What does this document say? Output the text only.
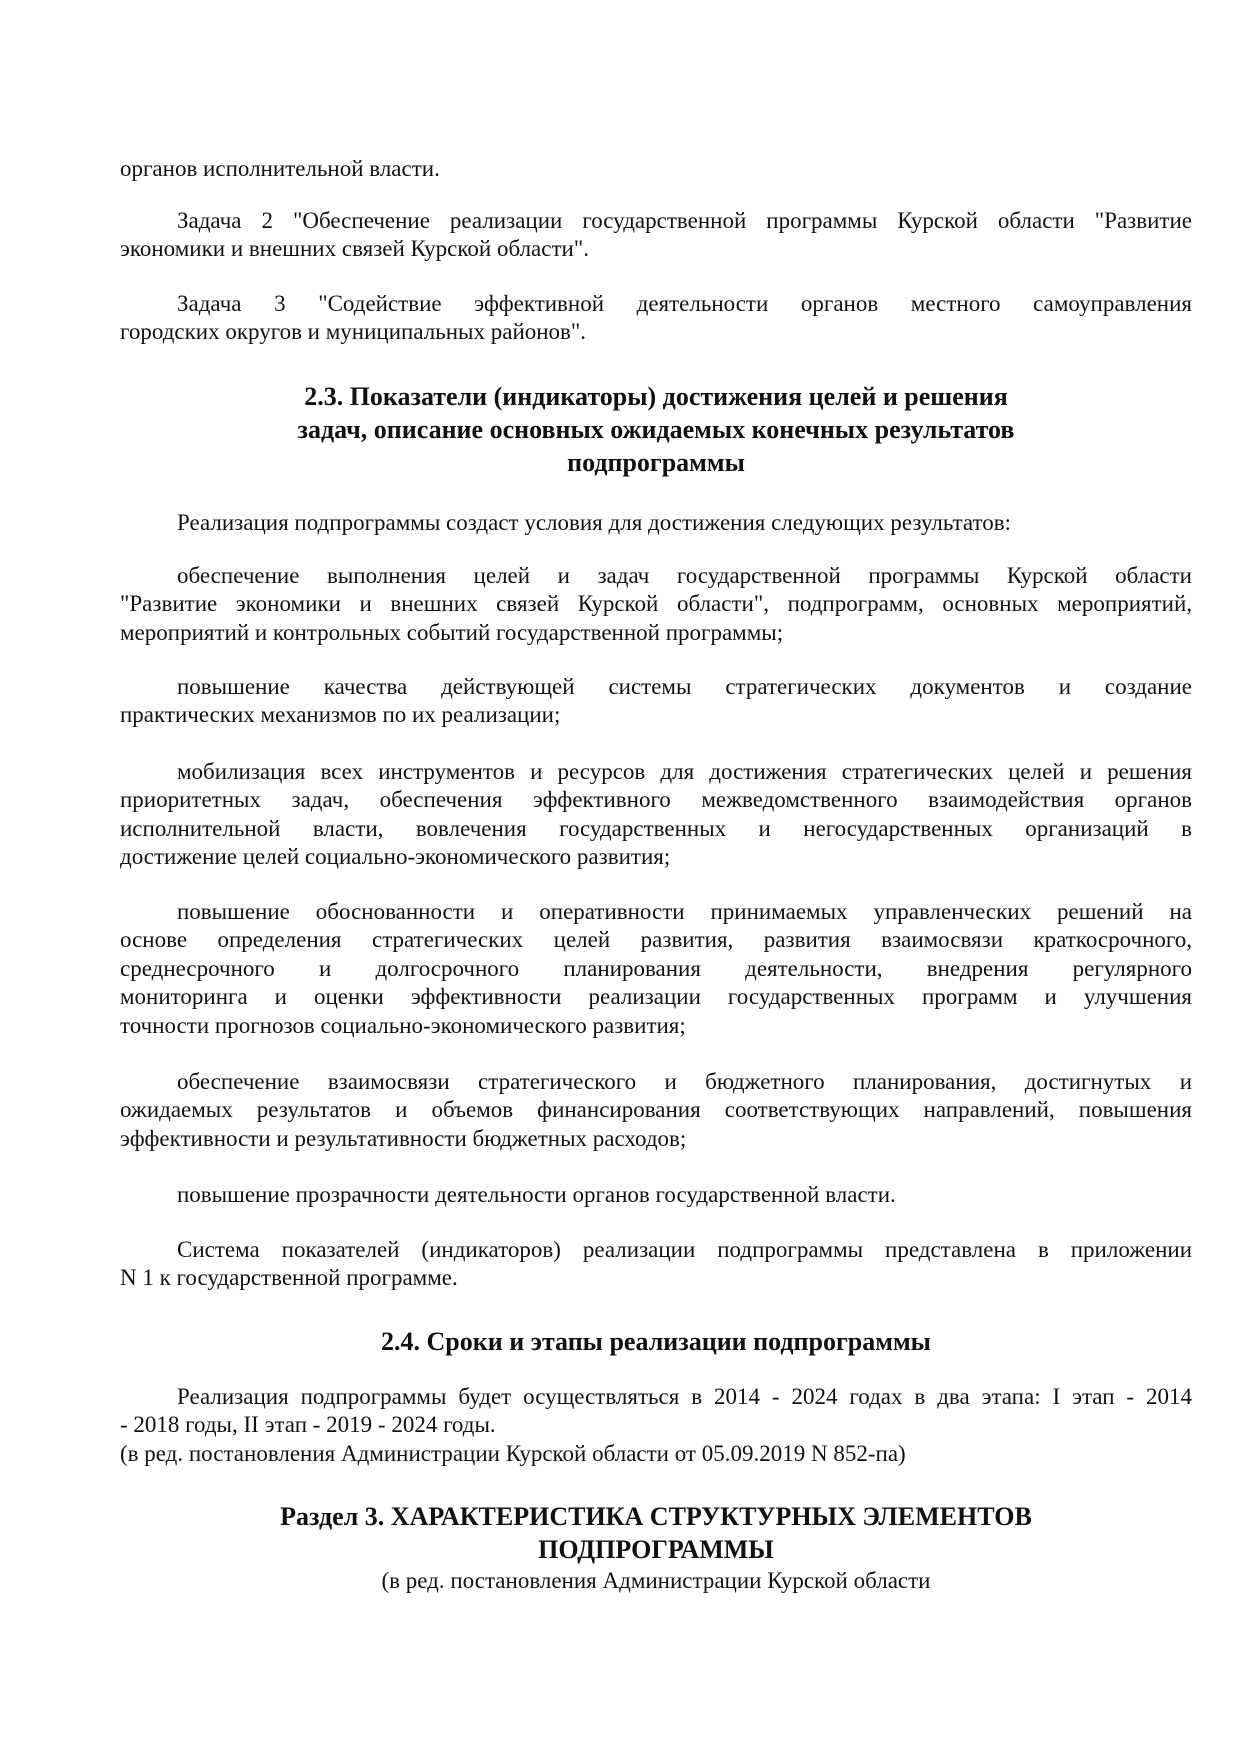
органов исполнительной власти.
Задача 2 "Обеспечение реализации государственной программы Курской области "Развитие
экономики и внешних связей Курской области".
Задача 3 "Содействие эффективной деятельности органов местного самоуправления
городских округов и муниципальных районов".
2.3. Показатели (индикаторы) достижения целей и решения
задач, описание основных ожидаемых конечных результатов
подпрограммы
Реализация подпрограммы создаст условия для достижения следующих результатов:
обеспечение выполнения целей и задач государственной программы Курской области
"Развитие экономики и внешних связей Курской области", подпрограмм, основных мероприятий,
мероприятий и контрольных событий государственной программы;
повышение качества действующей системы стратегических документов и создание
практических механизмов по их реализации;
мобилизация всех инструментов и ресурсов для достижения стратегических целей и решения
приоритетных задач, обеспечения эффективного межведомственного взаимодействия органов
исполнительной власти, вовлечения государственных и негосударственных организаций в
достижение целей социально-экономического развития;
повышение обоснованности и оперативности принимаемых управленческих решений на
основе определения стратегических целей развития, развития взаимосвязи краткосрочного,
среднесрочного и долгосрочного планирования деятельности, внедрения регулярного
мониторинга и оценки эффективности реализации государственных программ и улучшения
точности прогнозов социально-экономического развития;
обеспечение взаимосвязи стратегического и бюджетного планирования, достигнутых и
ожидаемых результатов и объемов финансирования соответствующих направлений, повышения
эффективности и результативности бюджетных расходов;
повышение прозрачности деятельности органов государственной власти.
Система показателей (индикаторов) реализации подпрограммы представлена в приложении
N 1 к государственной программе.
2.4. Сроки и этапы реализации подпрограммы
Реализация подпрограммы будет осуществляться в 2014 - 2024 годах в два этапа: I этап - 2014
- 2018 годы, II этап - 2019 - 2024 годы.
(в ред. постановления Администрации Курской области от 05.09.2019 N 852-па)
Раздел 3. ХАРАКТЕРИСТИКА СТРУКТУРНЫХ ЭЛЕМЕНТОВ
ПОДПРОГРАММЫ
(в ред. постановления Администрации Курской области
